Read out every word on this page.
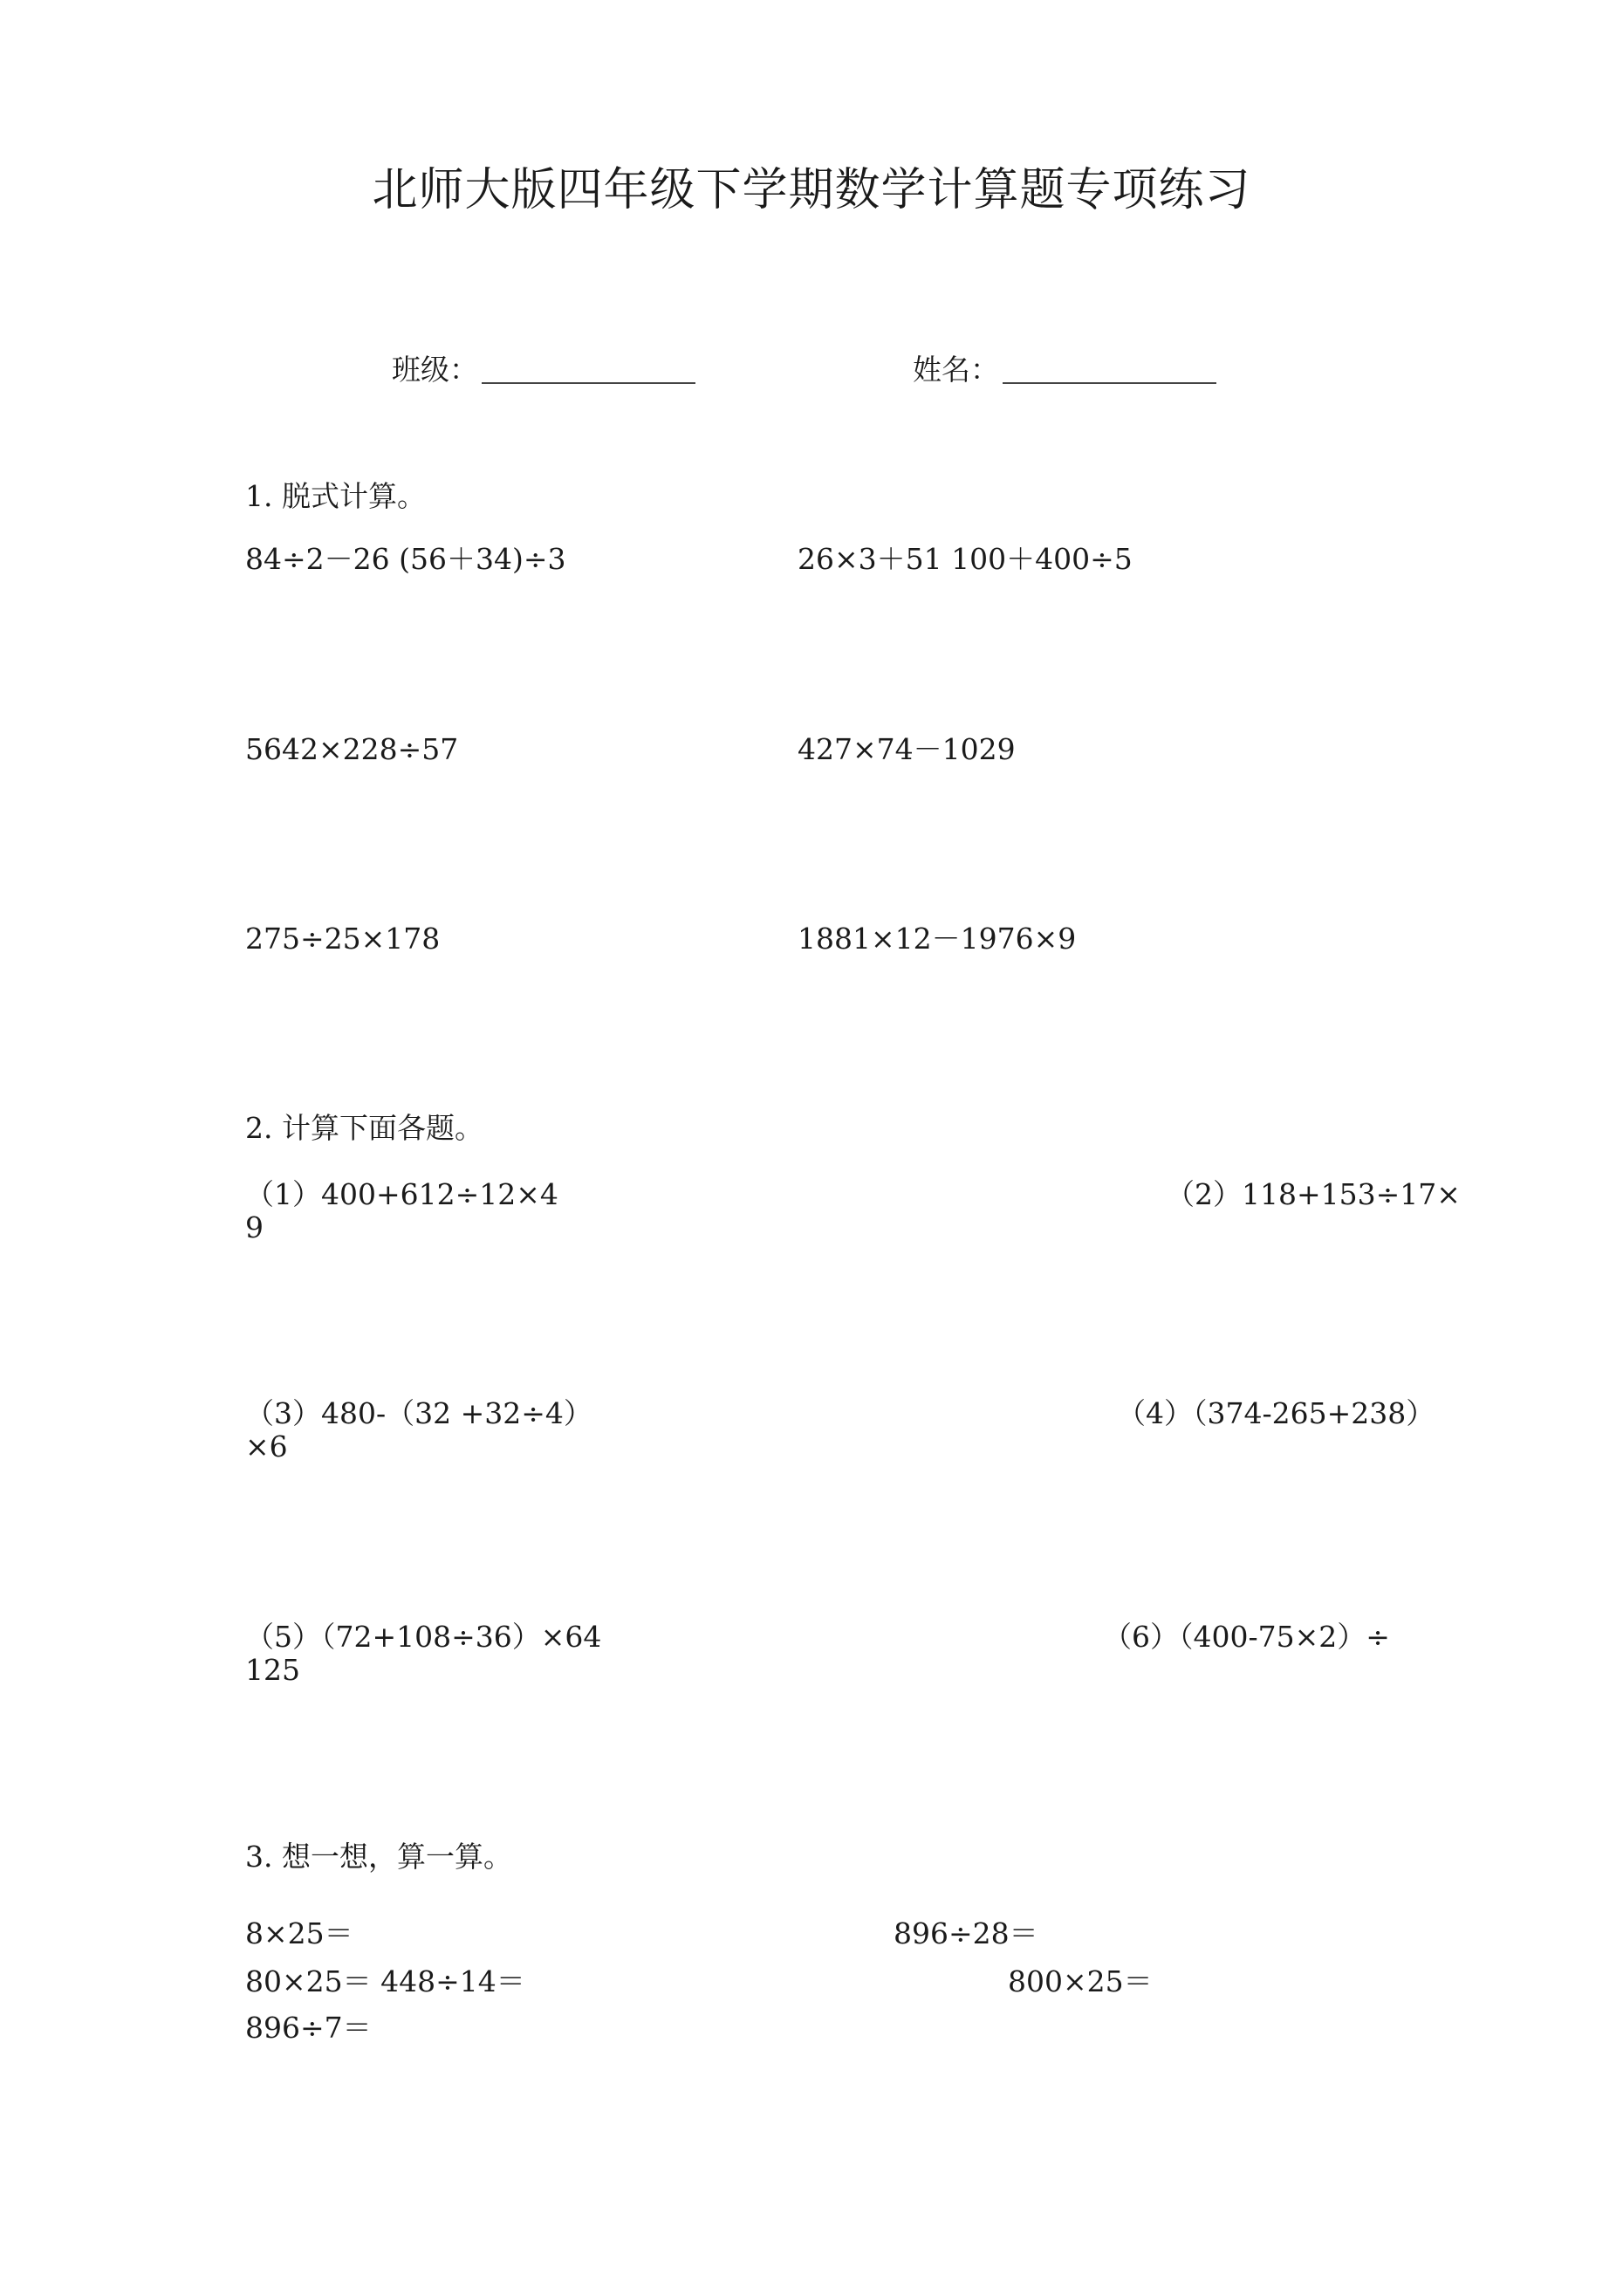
北师大版四年级下学期数学计算题专项练习
班级：	姓名：
1. 脱式计算。
84÷2－26 (56＋34)÷3	26×3＋51 100＋400÷5
5642×228÷57	427×74－1029
275÷25×178	1881×12－1976×9
2. 计算下面各题。
（1）400+612÷12×4
9
（2）118+153÷17×
（3）480-（32 +32÷4）
×6
（4）（374-265+238）
（5）（72+108÷36）×64
125
（6）（400-75×2）÷
3. 想一想，算一算。
8×25＝	896÷28＝
80×25＝ 448÷14＝	800×25＝
896÷7＝
